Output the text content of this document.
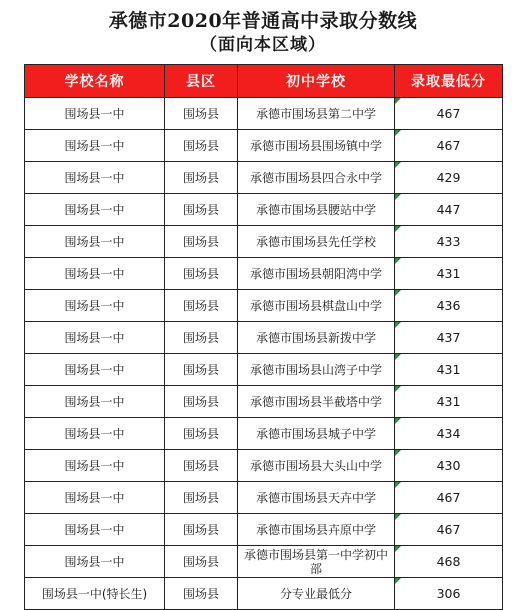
承德市2020年普通高中录取分数线
（面向本区域）
学校名称	县区	初中学校	录取最低分
围场县一中	围场县	承德市围场县第二中学	467
围场县一中	围场县	承德市围场县围场镇中学	467
围场县一中	围场县	承德市围场县四合永中学	429
围场县一中	围场县	承德市围场县腰站中学	447
围场县一中	围场县	承德市围场县先任学校	433
围场县一中	围场县	承德市围场县朝阳湾中学	431
围场县一中	围场县	承德市围场县棋盘山中学	436
围场县一中	围场县	承德市围场县新拨中学	437
围场县一中	围场县	承德市围场县山湾子中学	431
围场县一中	围场县	承德市围场县半截塔中学	431
围场县一中	围场县	承德市围场县城子中学	434
围场县一中	围场县	承德市围场县大头山中学	430
围场县一中	围场县	承德市围场县天卉中学	467
围场县一中	围场县	承德市围场县卉原中学	467
围场县一中	围场县	承德市围场县第一中学初中部	468
围场县一中(特长生)	围场县	分专业最低分	306
